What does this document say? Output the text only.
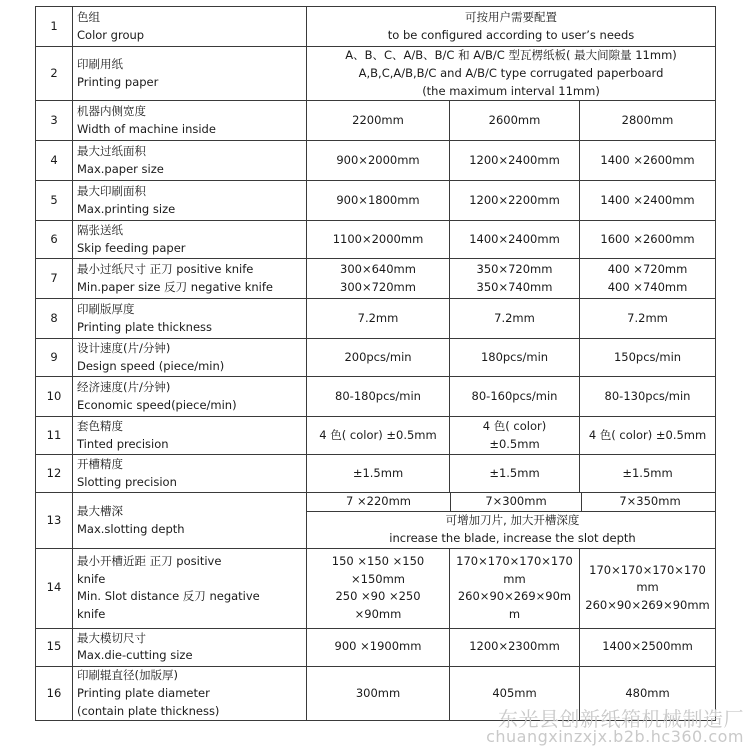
1	
色组
Color group

可按用户需要配置
to be configured according to user’s needs

2	
印刷用纸
Printing paper

A、B、C、A/B、B/C 和 A/B/C 型瓦楞纸板( 最大间隙量 11mm)
A,B,C,A/B,B/C and A/B/C type corrugated paperboard
(the maximum interval 11mm)

3	
机器内侧宽度
Width of machine inside
	2200mm	2600mm	2800mm
4	
最大过纸面积
Max.paper size
	900×2000mm	1200×2400mm	1400 ×2600mm
5	
最大印刷面积
Max.printing size
	900×1800mm	1200×2200mm	1400 ×2400mm
6	
隔张送纸
Skip feeding paper
	1100×2000mm	1400×2400mm	1600 ×2600mm
7	
最小过纸尺寸 正刀 positive knife
Min.paper size 反刀 negative knife

300×640mm
300×720mm

350×720mm
350×740mm

400 ×720mm
400 ×740mm

8	
印刷版厚度
Printing plate thickness
	7.2mm	7.2mm	7.2mm
9	
设计速度(片/分钟)
Design speed (piece/min)
	200pcs/min	180pcs/min	150pcs/min
10	
经济速度(片/分钟)
Economic speed(piece/min)
	80-180pcs/min	80-160pcs/min	80-130pcs/min
11	
套色精度
Tinted precision
	4 色( color) ±0.5mm	
4 色( color)
±0.5mm
	4 色( color) ±0.5mm
12	
开槽精度
Slotting precision
	±1.5mm	±1.5mm	±1.5mm
13	
最大槽深
Max.slotting depth

7 ×220mm	7×300mm	7×350mm

可增加刀片, 加大开槽深度
increase the blade, increase the slot depth

14	
最小开槽近距 正刀 positive
knife
Min. Slot distance 反刀 negative
knife

150 ×150 ×150
×150mm
250 ×90 ×250
×90mm

170×170×170×170
mm
260×90×269×90m
m

170×170×170×170
mm
260×90×269×90mm

15	
最大模切尺寸
Max.die-cutting size
	900 ×1900mm	1200×2300mm	1400×2500mm
16	
印刷辊直径(加版厚)
Printing plate diameter
(contain plate thickness)
	300mm	405mm	480mm
东光县创新纸箱机械制造厂
chuangxinzxjx.b2b.hc360.com
